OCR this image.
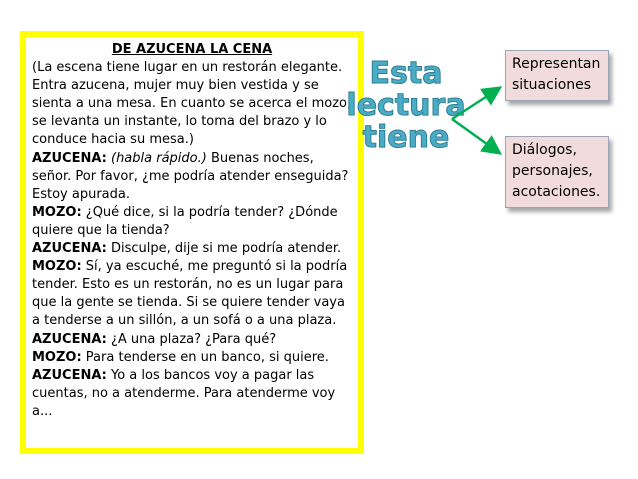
DE AZUCENA LA CENA

(La escena tiene lugar en un restorán elegante. Entra azucena, mujer muy bien vestida y se sienta a una mesa. En cuanto se acerca el mozo, se levanta un instante, lo toma del brazo y lo conduce hacia su mesa.)

AZUCENA: (habla rápido.) Buenas noches, señor. Por favor, ¿me podría atender enseguida? Estoy apurada.

MOZO: ¿Qué dice, si la podría tender? ¿Dónde quiere que la tienda?

AZUCENA: Disculpe, dije si me podría atender.

MOZO: Sí, ya escuché, me preguntó si la podría tender. Esto es un restorán, no es un lugar para que la gente se tienda. Si se quiere tender vaya a tenderse a un sillón, a un sofá o a una plaza.

AZUCENA: ¿A una plaza? ¿Para qué?

MOZO: Para tenderse en un banco, si quiere.

AZUCENA: Yo a los bancos voy a pagar las cuentas, no a atenderme. Para atenderme voy a...

Esta
lectura
tiene
Representan situaciones
Diálogos, personajes, acotaciones.
